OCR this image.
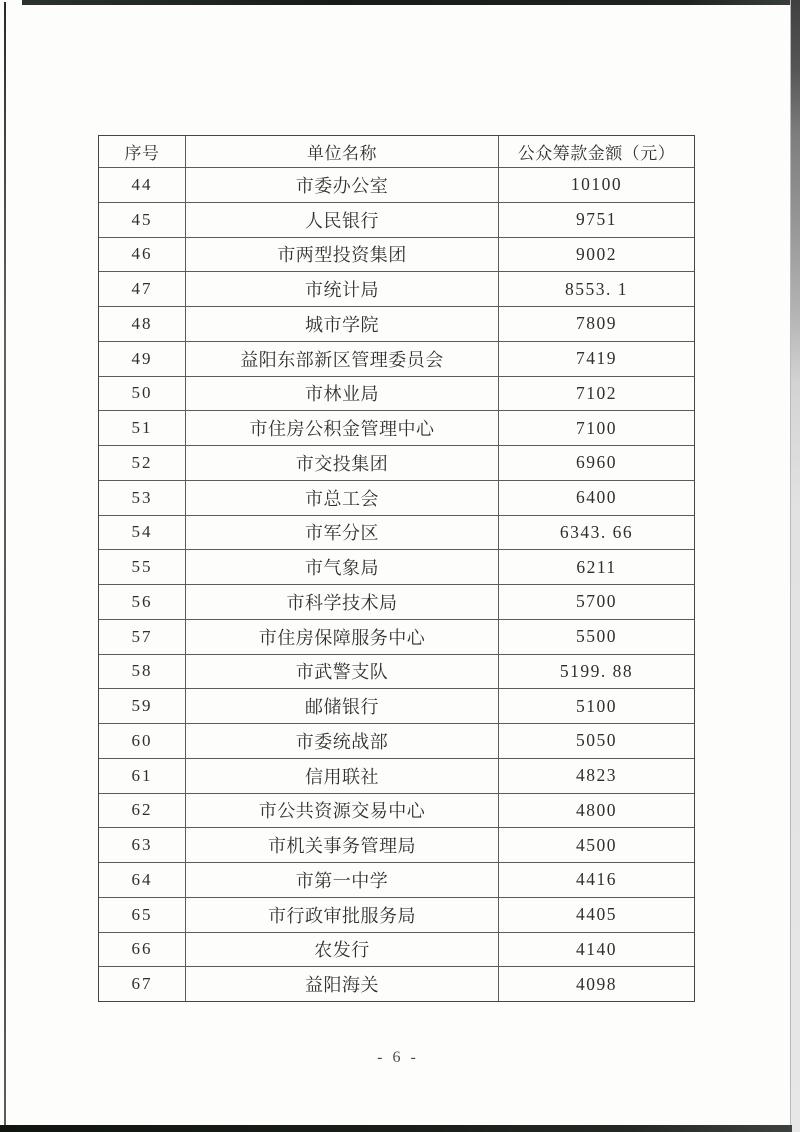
序号	单位名称	公众筹款金额（元）
44	市委办公室	10100
45	人民银行	9751
46	市两型投资集团	9002
47	市统计局	8553. 1
48	城市学院	7809
49	益阳东部新区管理委员会	7419
50	市林业局	7102
51	市住房公积金管理中心	7100
52	市交投集团	6960
53	市总工会	6400
54	市军分区	6343. 66
55	市气象局	6211
56	市科学技术局	5700
57	市住房保障服务中心	5500
58	市武警支队	5199. 88
59	邮储银行	5100
60	市委统战部	5050
61	信用联社	4823
62	市公共资源交易中心	4800
63	市机关事务管理局	4500
64	市第一中学	4416
65	市行政审批服务局	4405
66	农发行	4140
67	益阳海关	4098
- 6 -
